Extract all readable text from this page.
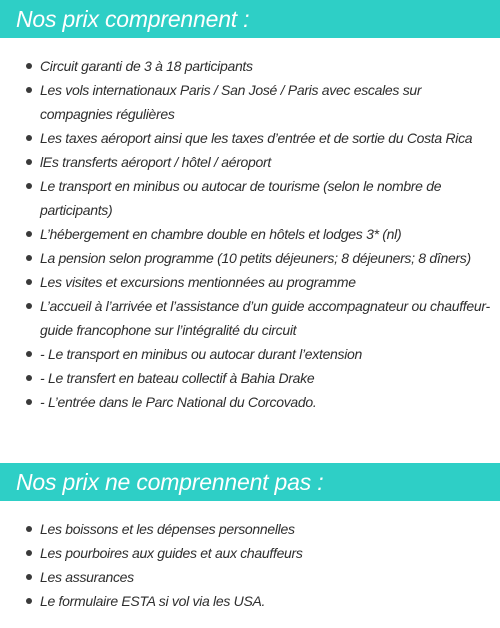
Nos prix comprennent :
Circuit garanti de 3 à 18 participants
Les vols internationaux Paris / San José / Paris avec escales sur compagnies régulières
Les taxes aéroport ainsi que les taxes d’entrée et de sortie du Costa Rica
lEs transferts aéroport / hôtel / aéroport
Le transport en minibus ou autocar de tourisme (selon le nombre de participants)
L’hébergement en chambre double en hôtels et lodges 3* (nl)
La pension selon programme (10 petits déjeuners; 8 déjeuners; 8 dîners)
Les visites et excursions mentionnées au programme
L’accueil à l’arrivée et l’assistance d’un guide accompagnateur ou chauffeur-guide francophone sur l’intégralité du circuit
- Le transport en minibus ou autocar durant l’extension
- Le transfert en bateau collectif à Bahia Drake
- L’entrée dans le Parc National du Corcovado.
Nos prix ne comprennent pas :
Les boissons et les dépenses personnelles
Les pourboires aux guides et aux chauffeurs
Les assurances
Le formulaire ESTA si vol via les USA.
